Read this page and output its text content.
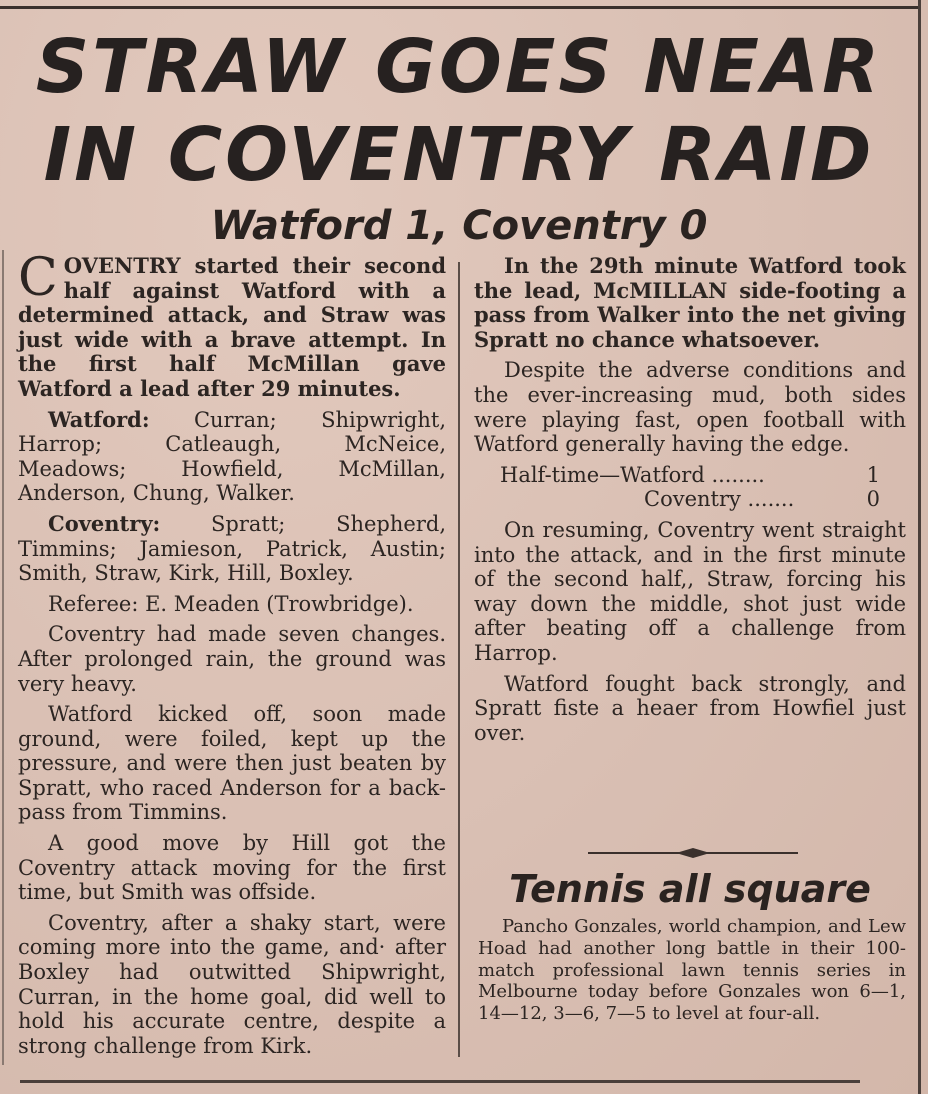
STRAW GOES NEAR
IN COVENTRY RAID
Watford 1, Coventry 0

COVENTRY started their second half against Watford with a determined attack, and Straw was just wide with a brave attempt. In the first half McMillan gave Watford a lead after 29 minutes.

Watford: Curran; Shipwright, Harrop; Catleaugh, McNeice, Meadows; Howfield, McMillan, Anderson, Chung, Walker.

Coventry: Spratt; Shepherd, Timmins; Jamieson, Patrick, Austin; Smith, Straw, Kirk, Hill, Boxley.

Referee: E. Meaden (Trowbridge).

Coventry had made seven changes. After prolonged rain, the ground was very heavy.

Watford kicked off, soon made ground, were foiled, kept up the pressure, and were then just beaten by Spratt, who raced Anderson for a back-pass from Timmins.

A good move by Hill got the Coventry attack moving for the first time, but Smith was offside.

Coventry, after a shaky start, were coming more into the game, and· after Boxley had outwitted Shipwright, Curran, in the home goal, did well to hold his accurate centre, despite a strong challenge from Kirk.

In the 29th minute Watford took the lead, McMILLAN side-footing a pass from Walker into the net giving Spratt no chance whatsoever.

Despite the adverse conditions and the ever-increasing mud, both sides were playing fast, open football with Watford generally having the edge.

Half-time—Watford ........	1
Coventry .......	0

On resuming, Coventry went straight into the attack, and in the first minute of the second half,, Straw, forcing his way down the middle, shot just wide after beating off a challenge from Harrop.

Watford fought back strongly, and Spratt fiste a heaer from Howfiel just over.

Tennis all square

Pancho Gonzales, world champion, and Lew Hoad had another long battle in their 100-match professional lawn tennis series in Melbourne today before Gonzales won 6—1, 14—12, 3—6, 7—5 to level at four-all.
